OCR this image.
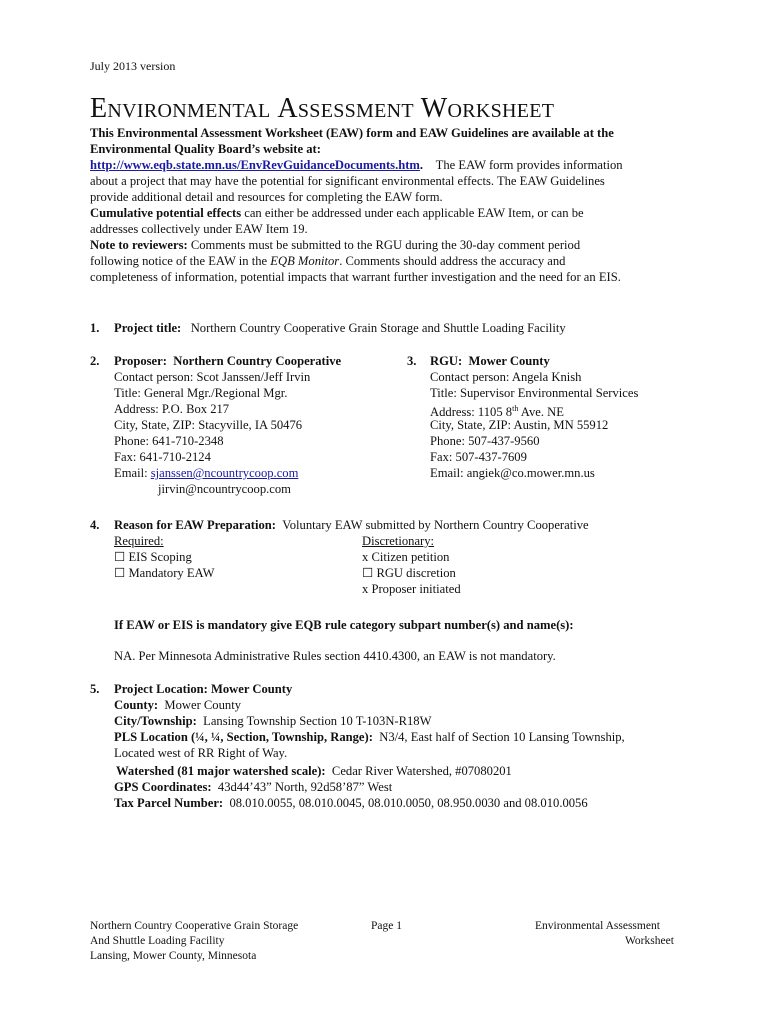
July 2013 version
ENVIRONMENTAL ASSESSMENT WORKSHEET
This Environmental Assessment Worksheet (EAW) form and EAW Guidelines are available at the
Environmental Quality Board’s website at:
http://www.eqb.state.mn.us/EnvRevGuidanceDocuments.htm. The EAW form provides information
about a project that may have the potential for significant environmental effects. The EAW Guidelines
provide additional detail and resources for completing the EAW form.
Cumulative potential effects can either be addressed under each applicable EAW Item, or can be
addresses collectively under EAW Item 19.
Note to reviewers: Comments must be submitted to the RGU during the 30-day comment period
following notice of the EAW in the EQB Monitor. Comments should address the accuracy and
completeness of information, potential impacts that warrant further investigation and the need for an EIS.
1. Project title: Northern Country Cooperative Grain Storage and Shuttle Loading Facility
2. Proposer: Northern Country Cooperative
Contact person: Scot Janssen/Jeff Irvin
Title: General Mgr./Regional Mgr.
Address: P.O. Box 217
City, State, ZIP: Stacyville, IA 50476
Phone: 641-710-2348
Fax: 641-710-2124
Email: sjanssen@ncountrycoop.com
jirvin@ncountrycoop.com
3. RGU: Mower County
Contact person: Angela Knish
Title: Supervisor Environmental Services
Address: 1105 8th Ave. NE
City, State, ZIP: Austin, MN 55912
Phone: 507-437-9560
Fax: 507-437-7609
Email: angiek@co.mower.mn.us
4. Reason for EAW Preparation: Voluntary EAW submitted by Northern Country Cooperative
Required:
☐ EIS Scoping
☐ Mandatory EAW
Discretionary:
x Citizen petition
☐ RGU discretion
x Proposer initiated
If EAW or EIS is mandatory give EQB rule category subpart number(s) and name(s):
NA. Per Minnesota Administrative Rules section 4410.4300, an EAW is not mandatory.
5. Project Location: Mower County
County: Mower County
City/Township: Lansing Township Section 10 T-103N-R18W
PLS Location (¼, ¼, Section, Township, Range): N3/4, East half of Section 10 Lansing Township,
Located west of RR Right of Way.
Watershed (81 major watershed scale): Cedar River Watershed, #07080201
GPS Coordinates: 43d44’43” North, 92d58’87” West
Tax Parcel Number: 08.010.0055, 08.010.0045, 08.010.0050, 08.950.0030 and 08.010.0056
Northern Country Cooperative Grain Storage
And Shuttle Loading Facility
Lansing, Mower County, Minnesota
Page 1	Environmental Assessment
Worksheet
